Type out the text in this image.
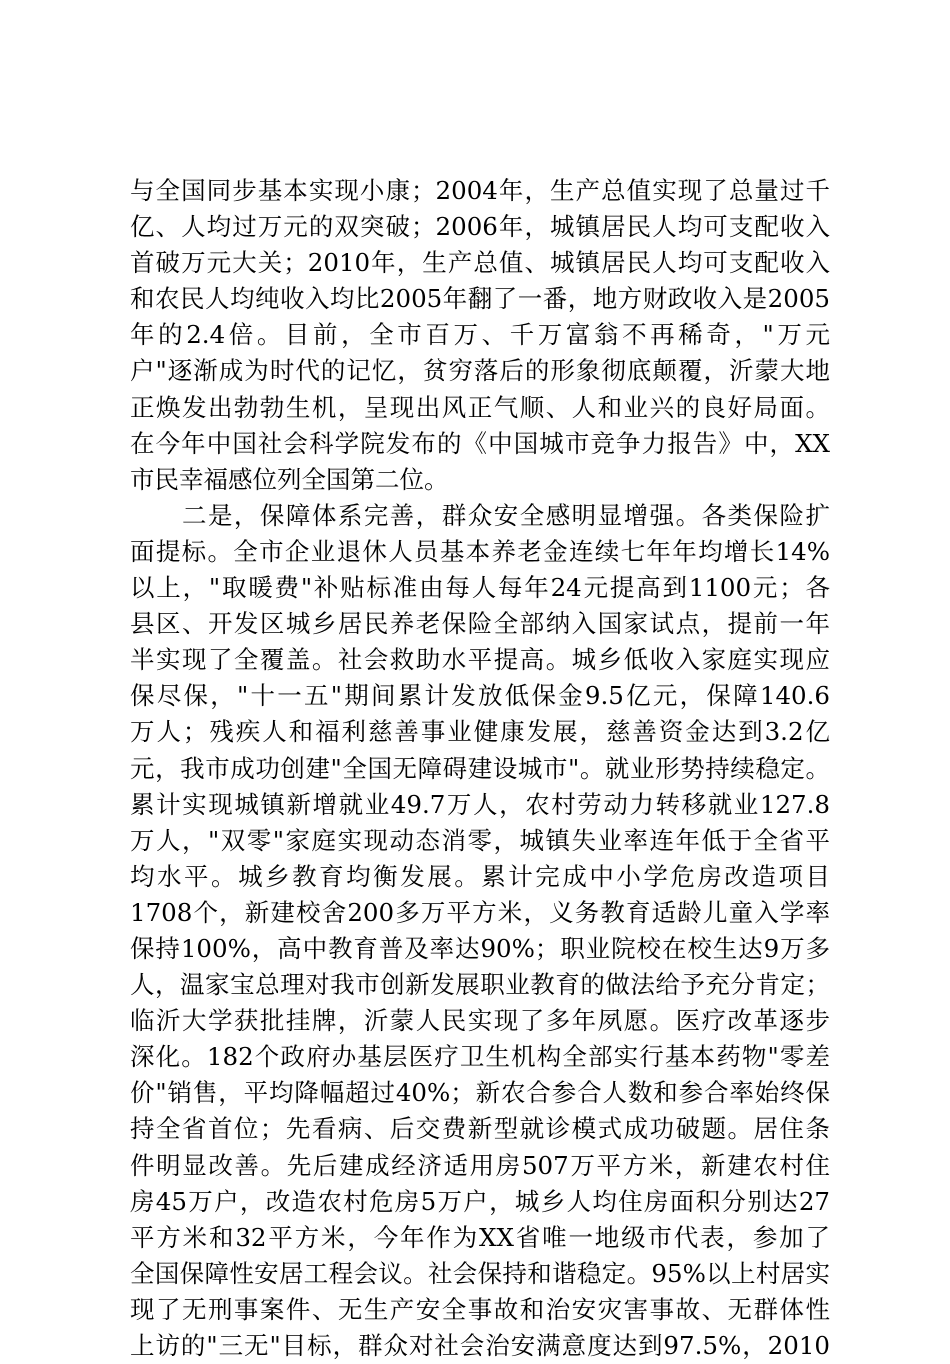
与全国同步基本实现小康；2004年，生产总值实现了总量过千
亿、人均过万元的双突破；2006年，城镇居民人均可支配收入
首破万元大关；2010年，生产总值、城镇居民人均可支配收入
和农民人均纯收入均比2005年翻了一番，地方财政收入是2005
年的2.4倍。目前，全市百万、千万富翁不再稀奇，"万元
户"逐渐成为时代的记忆，贫穷落后的形象彻底颠覆，沂蒙大地
正焕发出勃勃生机，呈现出风正气顺、人和业兴的良好局面。
在今年中国社会科学院发布的《中国城市竞争力报告》中，XX
市民幸福感位列全国第二位。
　　二是，保障体系完善，群众安全感明显增强。各类保险扩
面提标。全市企业退休人员基本养老金连续七年年均增长14%
以上，"取暖费"补贴标准由每人每年24元提高到1100元；各
县区、开发区城乡居民养老保险全部纳入国家试点，提前一年
半实现了全覆盖。社会救助水平提高。城乡低收入家庭实现应
保尽保，"十一五"期间累计发放低保金9.5亿元，保障140.6
万人；残疾人和福利慈善事业健康发展，慈善资金达到3.2亿
元，我市成功创建"全国无障碍建设城市"。就业形势持续稳定。
累计实现城镇新增就业49.7万人，农村劳动力转移就业127.8
万人，"双零"家庭实现动态消零，城镇失业率连年低于全省平
均水平。城乡教育均衡发展。累计完成中小学危房改造项目
1708个，新建校舍200多万平方米，义务教育适龄儿童入学率
保持100%，高中教育普及率达90%；职业院校在校生达9万多
人，温家宝总理对我市创新发展职业教育的做法给予充分肯定；
临沂大学获批挂牌，沂蒙人民实现了多年夙愿。医疗改革逐步
深化。182个政府办基层医疗卫生机构全部实行基本药物"零差
价"销售，平均降幅超过40%；新农合参合人数和参合率始终保
持全省首位；先看病、后交费新型就诊模式成功破题。居住条
件明显改善。先后建成经济适用房507万平方米，新建农村住
房45万户，改造农村危房5万户，城乡人均住房面积分别达27
平方米和32平方米，今年作为XX省唯一地级市代表，参加了
全国保障性安居工程会议。社会保持和谐稳定。95%以上村居实
现了无刑事案件、无生产安全事故和治安灾害事故、无群体性
上访的"三无"目标，群众对社会治安满意度达到97.5%，2010
